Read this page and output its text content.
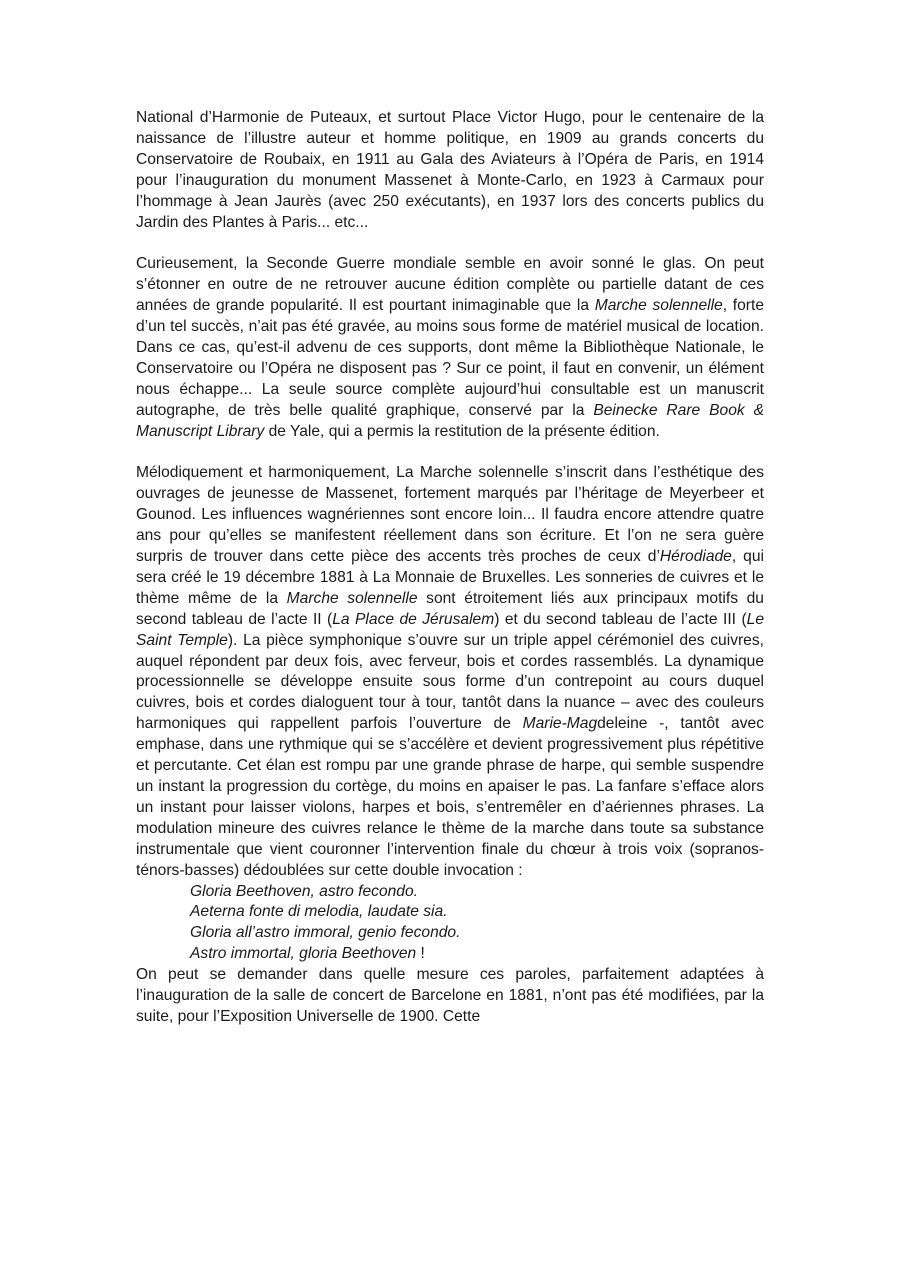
National d’Harmonie de Puteaux, et surtout Place Victor Hugo, pour le centenaire de la naissance de l’illustre auteur et homme politique, en 1909 au grands concerts du Conservatoire de Roubaix, en 1911 au Gala des Aviateurs à l’Opéra de Paris, en 1914 pour l’inauguration du monument Massenet à Monte-Carlo, en 1923 à Carmaux pour l’hommage à Jean Jaurès (avec 250 exécutants), en 1937 lors des concerts publics du Jardin des Plantes à Paris... etc...

Curieusement, la Seconde Guerre mondiale semble en avoir sonné le glas. On peut s’étonner en outre de ne retrouver aucune édition complète ou partielle datant de ces années de grande popularité. Il est pourtant inimaginable que la Marche solennelle, forte d’un tel succès, n’ait pas été gravée, au moins sous forme de matériel musical de location. Dans ce cas, qu’est-il advenu de ces supports, dont même la Bibliothèque Nationale, le Conservatoire ou l’Opéra ne disposent pas ? Sur ce point, il faut en convenir, un élément nous échappe... La seule source complète aujourd’hui consultable est un manuscrit autographe, de très belle qualité graphique, conservé par la Beinecke Rare Book & Manuscript Library de Yale, qui a permis la restitution de la présente édition.

Mélodiquement et harmoniquement, La Marche solennelle s’inscrit dans l’esthétique des ouvrages de jeunesse de Massenet, fortement marqués par l’héritage de Meyerbeer et Gounod. Les influences wagnériennes sont encore loin... Il faudra encore attendre quatre ans pour qu’elles se manifestent réellement dans son écriture. Et l’on ne sera guère surpris de trouver dans cette pièce des accents très proches de ceux d’Hérodiade, qui sera créé le 19 décembre 1881 à La Monnaie de Bruxelles. Les sonneries de cuivres et le thème même de la Marche solennelle sont étroitement liés aux principaux motifs du second tableau de l’acte II (La Place de Jérusalem) et du second tableau de l’acte III (Le Saint Temple). La pièce symphonique s’ouvre sur un triple appel cérémoniel des cuivres, auquel répondent par deux fois, avec ferveur, bois et cordes rassemblés. La dynamique processionnelle se développe ensuite sous forme d’un contrepoint au cours duquel cuivres, bois et cordes dialoguent tour à tour, tantôt dans la nuance – avec des couleurs harmoniques qui rappellent parfois l’ouverture de Marie-Magdeleine -, tantôt avec emphase, dans une rythmique qui se s’accélère et devient progressivement plus répétitive et percutante. Cet élan est rompu par une grande phrase de harpe, qui semble suspendre un instant la progression du cortège, du moins en apaiser le pas. La fanfare s’efface alors un instant pour laisser violons, harpes et bois, s’entremêler en d’aériennes phrases. La modulation mineure des cuivres relance le thème de la marche dans toute sa substance instrumentale que vient couronner l’intervention finale du chœur à trois voix (sopranos-ténors-basses) dédoublées sur cette double invocation :

Gloria Beethoven, astro fecondo.

Aeterna fonte di melodia, laudate sia.

Gloria all’astro immoral, genio fecondo.

Astro immortal, gloria Beethoven !

On peut se demander dans quelle mesure ces paroles, parfaitement adaptées à l’inauguration de la salle de concert de Barcelone en 1881, n’ont pas été modifiées, par la suite, pour l’Exposition Universelle de 1900. Cette
